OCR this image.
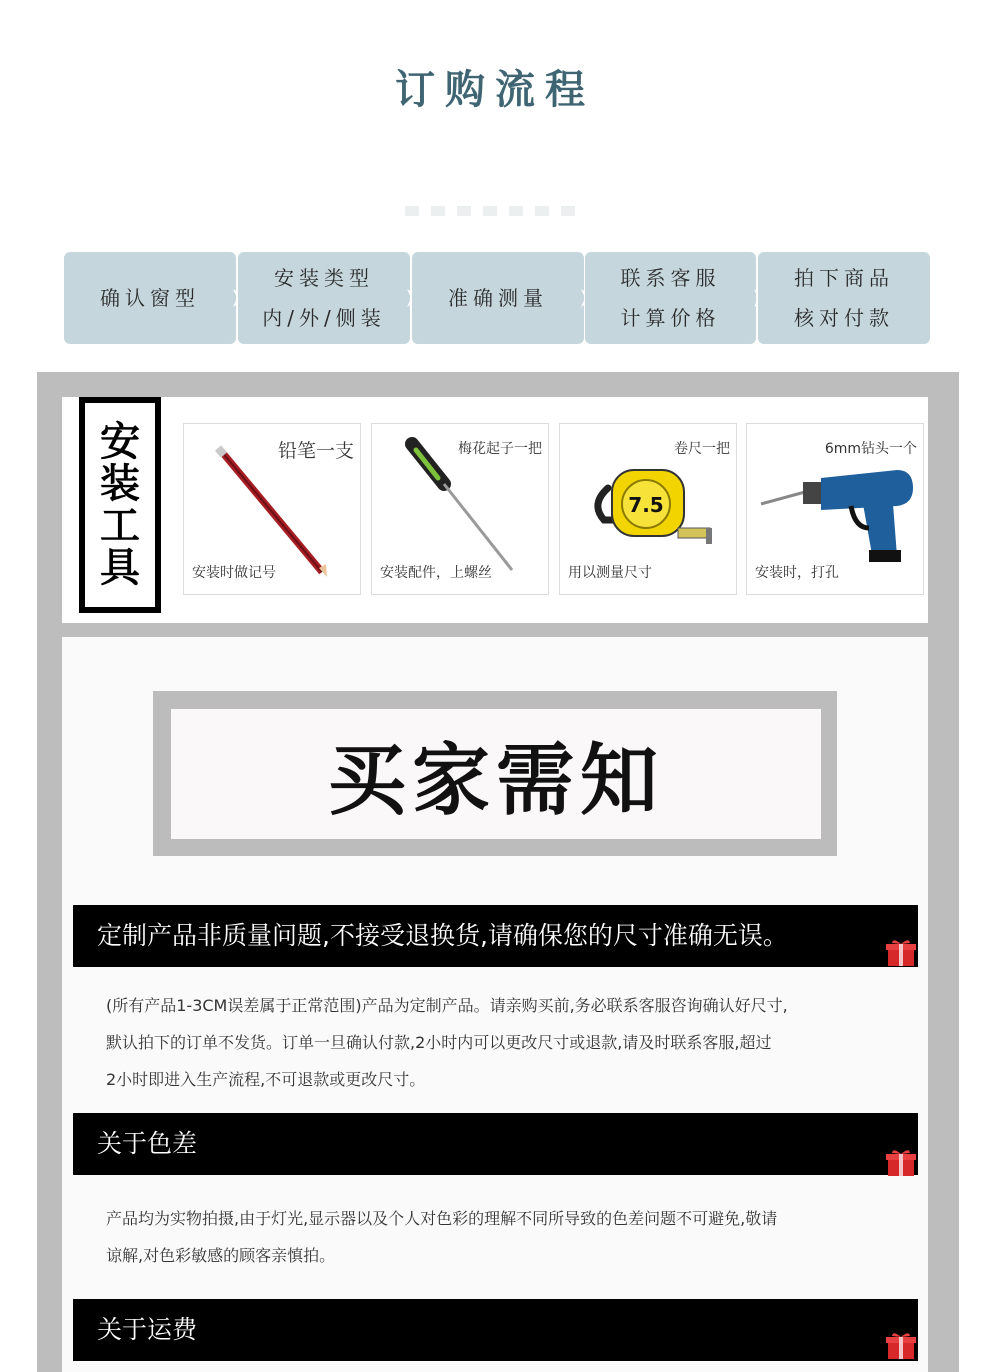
订购流程
确认窗型
安装类型
内/外/侧装
准确测量
联系客服
计算价格
拍下商品
核对付款
安
装
工
具
铅笔一支
安装时做记号
梅花起子一把
安装配件，上螺丝
7.5
卷尺一把
用以测量尺寸
6mm钻头一个
安装时，打孔
买家需知
定制产品非质量问题,不接受退换货,请确保您的尺寸准确无误。
(所有产品1-3CM误差属于正常范围)产品为定制产品。请亲购买前,务必联系客服咨询确认好尺寸,
默认拍下的订单不发货。订单一旦确认付款,2小时内可以更改尺寸或退款,请及时联系客服,超过
2小时即进入生产流程,不可退款或更改尺寸。
关于色差
产品均为实物拍摄,由于灯光,显示器以及个人对色彩的理解不同所导致的色差问题不可避免,敬请
谅解,对色彩敏感的顾客亲慎拍。
关于运费
